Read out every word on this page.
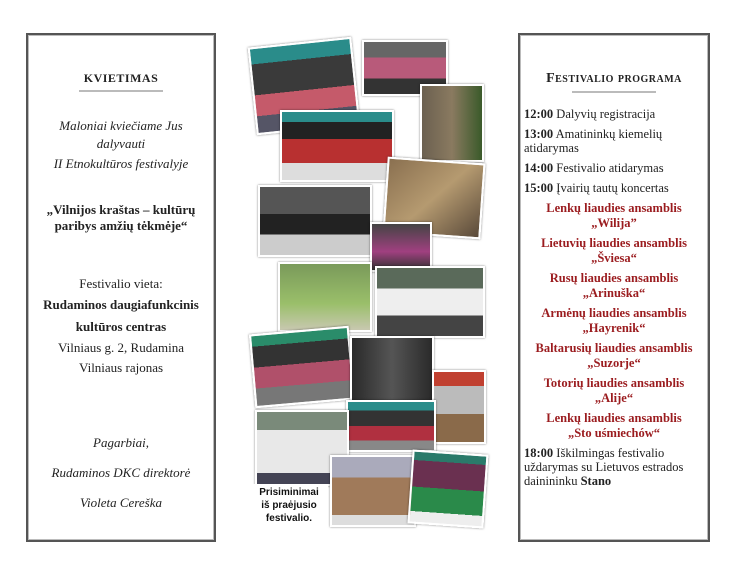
KVIETIMAS
Maloniai kviečiame Jus
dalyvauti
II Etnokultūros festivalyje
„Vilnijos kraštas – kultūrų
paribys amžių tėkmėje“
Festivalio vieta:
Rudaminos daugiafunkcinis
kultūros centras
Vilniaus g. 2, Rudamina
Vilniaus rajonas
Pagarbiai,
Rudaminos DKC direktorė
Violeta Cereška
Prisiminimai
iš praėjusio
festivalio.
Festivalio programa
12:00 Dalyvių registracija
13:00 Amatininkų kiemelių atidarymas
14:00 Festivalio atidarymas
15:00 Įvairių tautų koncertas
Lenkų liaudies ansamblis
„Wilija”
Lietuvių liaudies ansamblis
„Šviesa“
Rusų liaudies ansamblis
„Arinuška“
Armėnų liaudies ansamblis
„Hayrenik“
Baltarusių liaudies ansamblis
„Suzorje“
Totorių liaudies ansamblis
„Alije“
Lenkų liaudies ansamblis
„Sto uśmiechów“
18:00 Iškilmingas festivalio uždarymas su Lietuvos estrados dainininku Stano
